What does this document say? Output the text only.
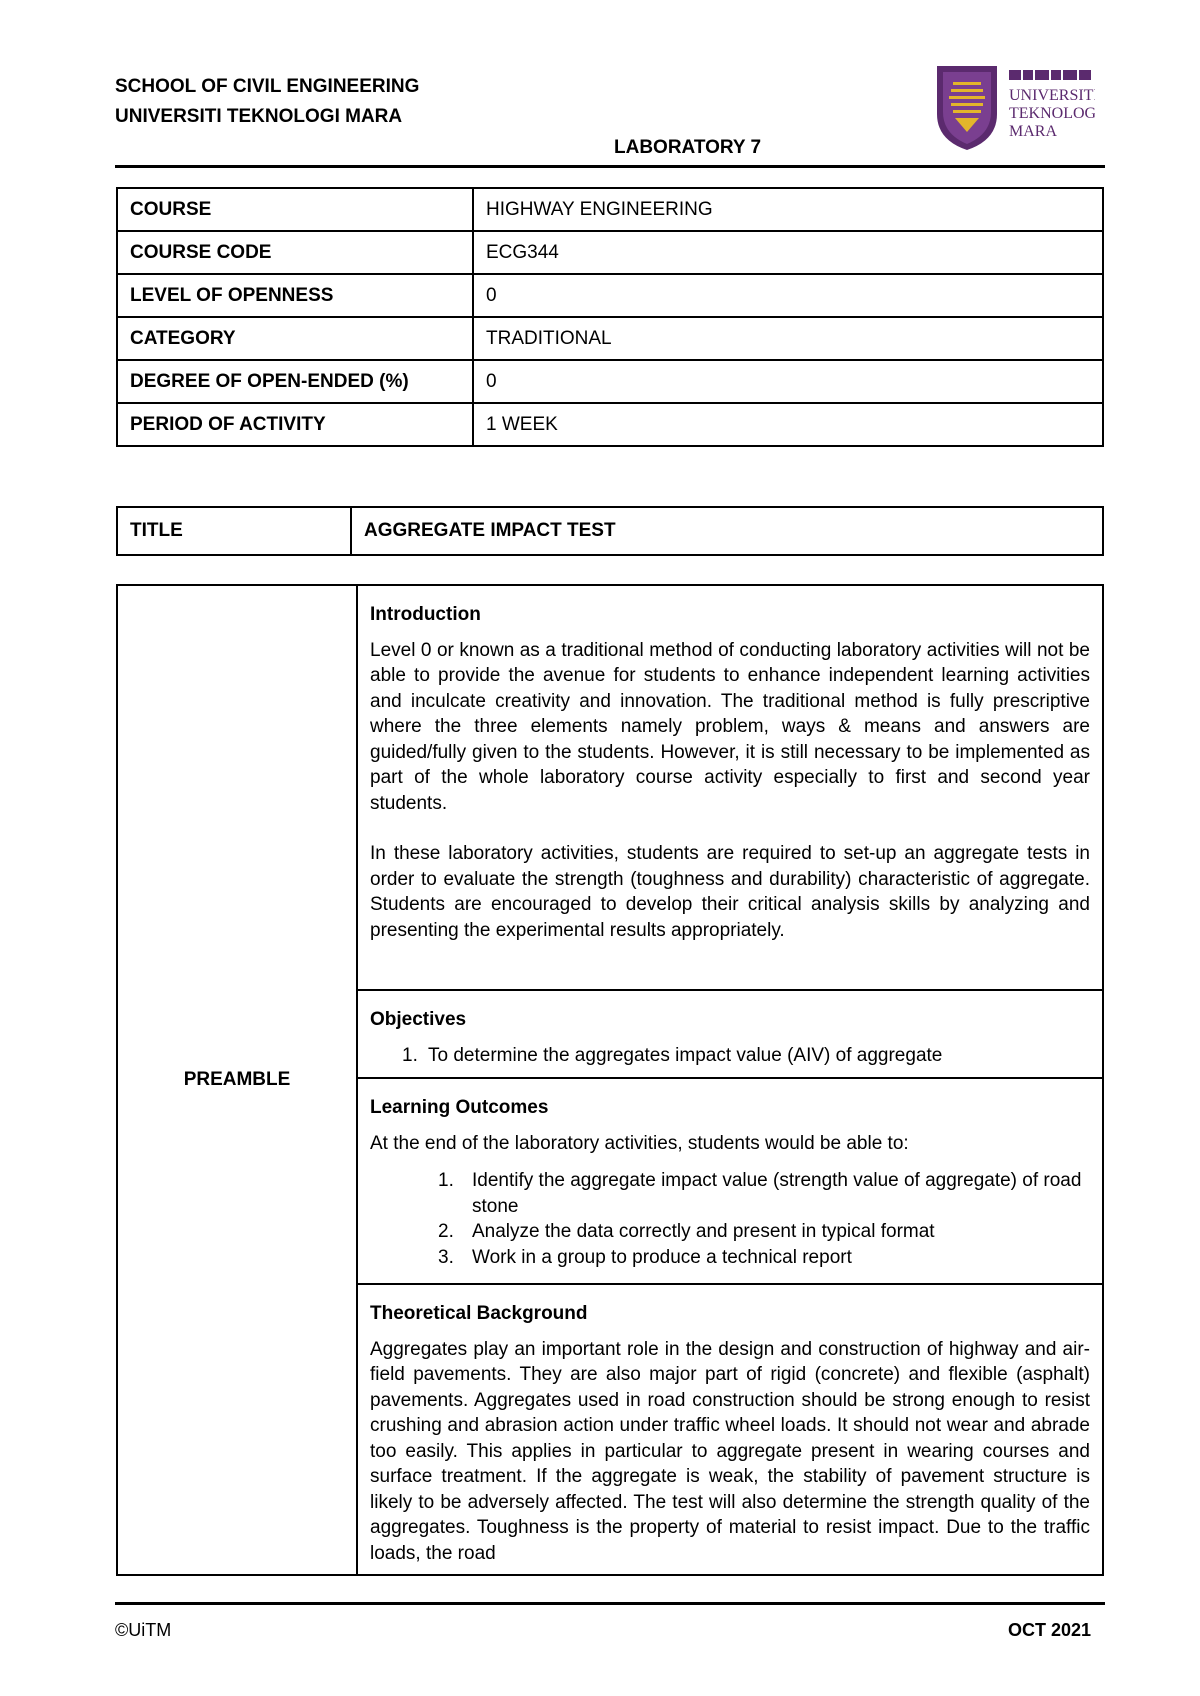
SCHOOL OF CIVIL ENGINEERING
UNIVERSITI TEKNOLOGI MARA
LABORATORY 7
UNIVERSITI
TEKNOLOGI
MARA
COURSE	HIGHWAY ENGINEERING
COURSE CODE	ECG344
LEVEL OF OPENNESS	0
CATEGORY	TRADITIONAL
DEGREE OF OPEN-ENDED (%)	0
PERIOD OF ACTIVITY	1 WEEK
TITLE	AGGREGATE IMPACT TEST
PREAMBLE	
Introduction

Level 0 or known as a traditional method of conducting laboratory activities will not be able to provide the avenue for students to enhance independent learning activities and inculcate creativity and innovation. The traditional method is fully prescriptive where the three elements namely problem, ways & means and answers are guided/fully given to the students. However, it is still necessary to be implemented as part of the whole laboratory course activity especially to first and second year students.

In these laboratory activities, students are required to set-up an aggregate tests in order to evaluate the strength (toughness and durability) characteristic of aggregate. Students are encouraged to develop their critical analysis skills by analyzing and presenting the experimental results appropriately.

Objectives
1. To determine the aggregates impact value (AIV) of aggregate

Learning Outcomes

At the end of the laboratory activities, students would be able to:

1. Identify the aggregate impact value (strength value of aggregate) of road stone
2. Analyze the data correctly and present in typical format
3. Work in a group to produce a technical report

Theoretical Background

Aggregates play an important role in the design and construction of highway and air-field pavements. They are also major part of rigid (concrete) and flexible (asphalt) pavements. Aggregates used in road construction should be strong enough to resist crushing and abrasion action under traffic wheel loads. It should not wear and abrade too easily. This applies in particular to aggregate present in wearing courses and surface treatment. If the aggregate is weak, the stability of pavement structure is likely to be adversely affected. The test will also determine the strength quality of the aggregates. Toughness is the property of material to resist impact. Due to the traffic loads, the road

©UiTM	OCT 2021
